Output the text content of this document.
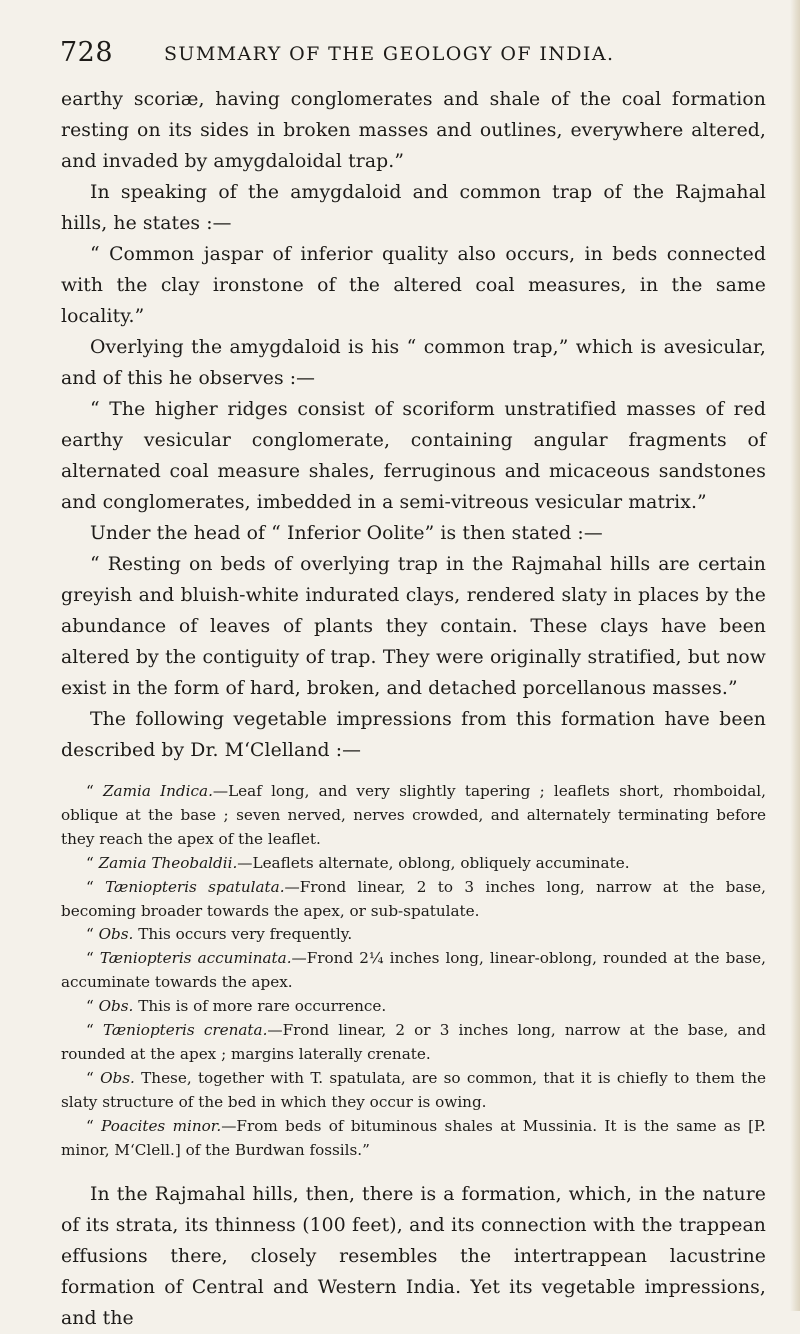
728	SUMMARY OF THE GEOLOGY OF INDIA.

earthy scoriæ, having conglomerates and shale of the coal formation resting on its sides in broken masses and outlines, everywhere altered, and invaded by amygdaloidal trap.”

In speaking of the amygdaloid and common trap of the Rajmahal hills, he states :—

“ Common jaspar of inferior quality also occurs, in beds connected with the clay ironstone of the altered coal measures, in the same locality.”

Overlying the amygdaloid is his “ common trap,” which is avesicular, and of this he observes :—

“ The higher ridges consist of scoriform unstratified masses of red earthy vesicular conglomerate, containing angular fragments of alternated coal measure shales, ferruginous and micaceous sandstones and conglomerates, imbedded in a semi-vitreous vesicular matrix.”

Under the head of “ Inferior Oolite” is then stated :—

“ Resting on beds of overlying trap in the Rajmahal hills are certain greyish and bluish-white indurated clays, rendered slaty in places by the abundance of leaves of plants they contain. These clays have been altered by the contiguity of trap. They were originally stratified, but now exist in the form of hard, broken, and detached porcellanous masses.”

The following vegetable impressions from this formation have been described by Dr. M‘Clelland :—

“ Zamia Indica.—Leaf long, and very slightly tapering ; leaflets short, rhomboidal, oblique at the base ; seven nerved, nerves crowded, and alternately terminating before they reach the apex of the leaflet.

“ Zamia Theobaldii.—Leaflets alternate, oblong, obliquely accuminate.

“ Tæniopteris spatulata.—Frond linear, 2 to 3 inches long, narrow at the base, becoming broader towards the apex, or sub-spatulate.

“ Obs. This occurs very frequently.

“ Tæniopteris accuminata.—Frond 2¼ inches long, linear-oblong, rounded at the base, accuminate towards the apex.

“ Obs. This is of more rare occurrence.

“ Tæniopteris crenata.—Frond linear, 2 or 3 inches long, narrow at the base, and rounded at the apex ; margins laterally crenate.

“ Obs. These, together with T. spatulata, are so common, that it is chiefly to them the slaty structure of the bed in which they occur is owing.

“ Poacites minor.—From beds of bituminous shales at Mussinia. It is the same as [P. minor, M‘Clell.] of the Burdwan fossils.”

In the Rajmahal hills, then, there is a formation, which, in the nature of its strata, its thinness (100 feet), and its connection with the trappean effusions there, closely resembles the intertrappean lacustrine formation of Central and Western India. Yet its vegetable impressions, and the
